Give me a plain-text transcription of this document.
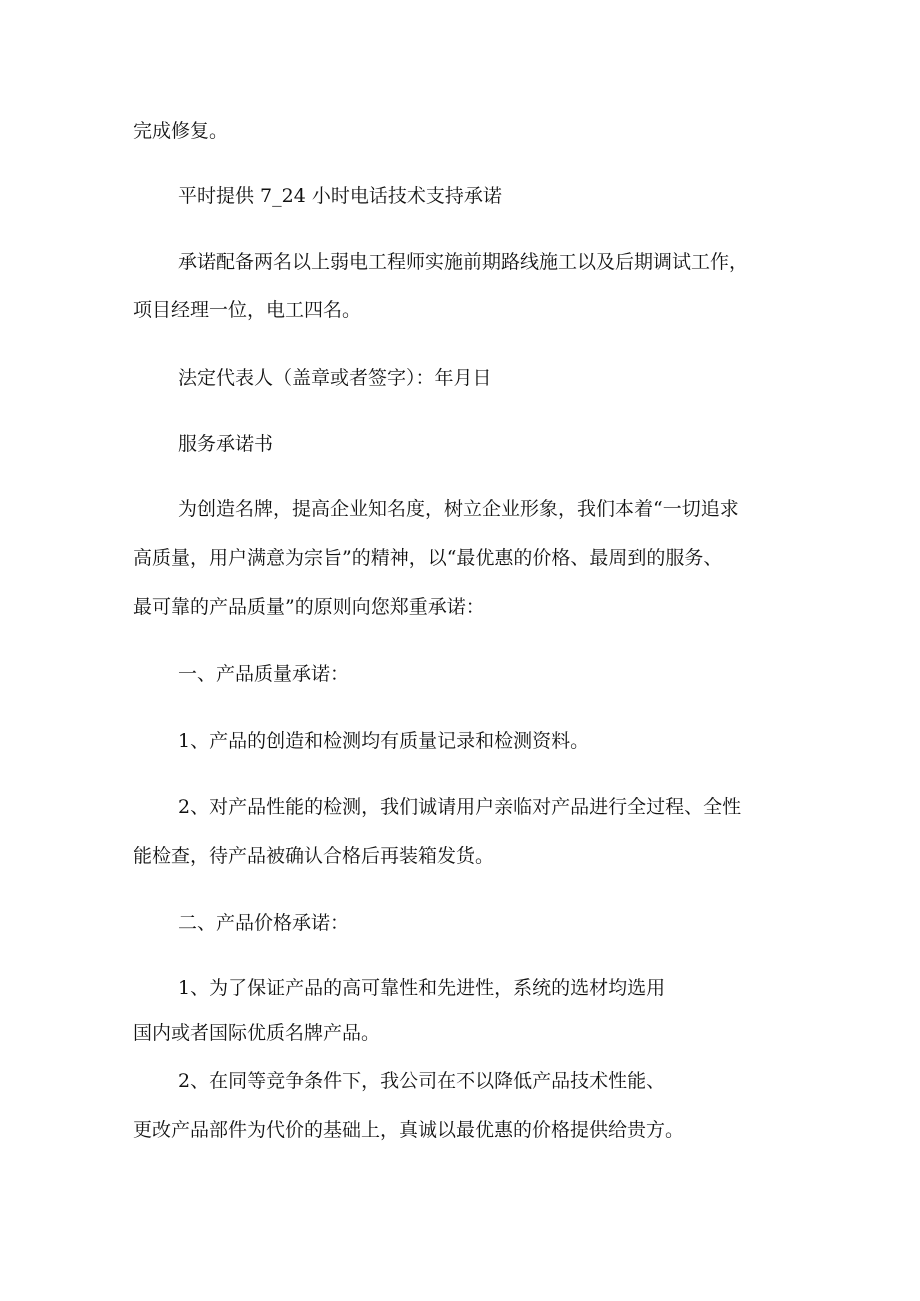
完成修复。
平时提供 7_24 小时电话技术支持承诺
承诺配备两名以上弱电工程师实施前期路线施工以及后期调试工作，
项目经理一位，电工四名。
法定代表人（盖章或者签字）：年月日
服务承诺书
为创造名牌，提高企业知名度，树立企业形象，我们本着“一切追求
高质量，用户满意为宗旨”的精神，以“最优惠的价格、最周到的服务、
最可靠的产品质量”的原则向您郑重承诺：
一、产品质量承诺：
1、产品的创造和检测均有质量记录和检测资料。
2、对产品性能的检测，我们诚请用户亲临对产品进行全过程、全性
能检查，待产品被确认合格后再装箱发货。
二、产品价格承诺：
1、为了保证产品的高可靠性和先进性，系统的选材均选用
国内或者国际优质名牌产品。
2、在同等竞争条件下，我公司在不以降低产品技术性能、
更改产品部件为代价的基础上，真诚以最优惠的价格提供给贵方。
